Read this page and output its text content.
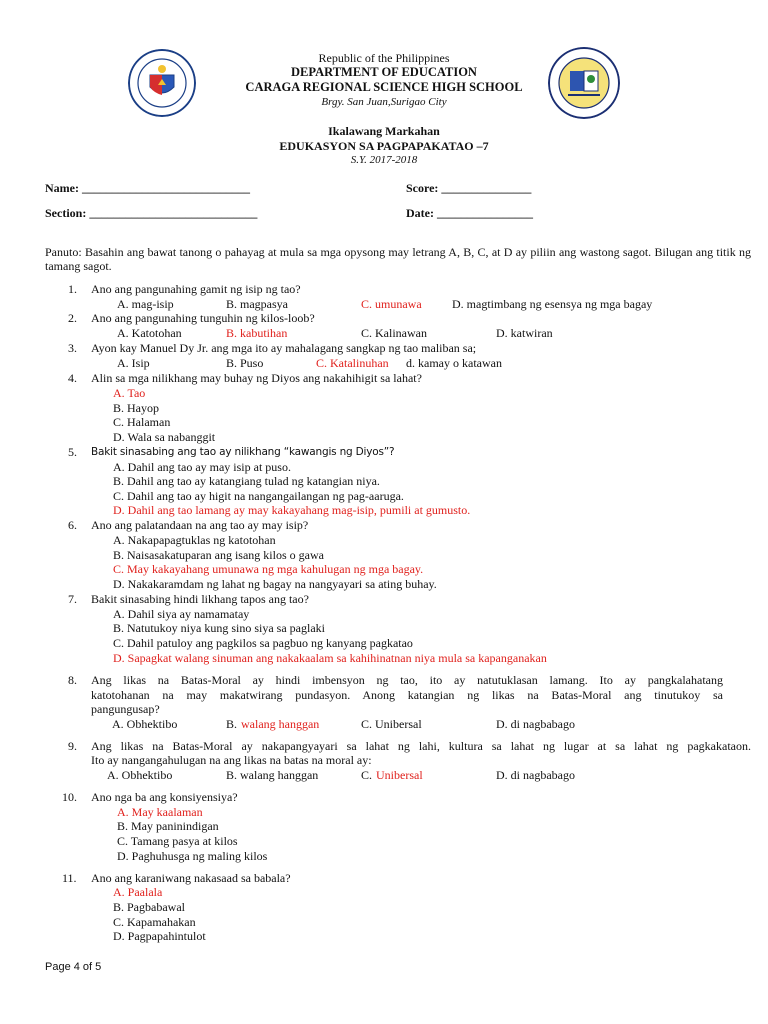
Republic of the Philippines
DEPARTMENT OF EDUCATION
CARAGA REGIONAL SCIENCE HIGH SCHOOL
Brgy. San Juan,Surigao City
Ikalawang Markahan
EDUKASYON SA PAGPAPAKATAO –7
S.Y. 2017-2018
Name: ____________________________	Score: _______________
Section: ____________________________	Date: ________________
Panuto: Basahin ang bawat tanong o pahayag at mula sa mga opysong may letrang A, B, C, at D ay piliin ang wastong sagot. Bilugan ang titik ng tamang sagot.
1. Ano ang pangunahing gamit ng isip ng tao?
A. mag-isip	B. magpasya	C. umunawa	D. magtimbang ng esensya ng mga bagay
2. Ano ang pangunahing tunguhin ng kilos-loob?
A. Katotohan	B. kabutihan	C. Kalinawan	D. katwiran
3. Ayon kay Manuel Dy Jr. ang mga ito ay mahalagang sangkap ng tao maliban sa;
A. Isip	B. Puso	C. Katalinuhan d. kamay o katawan
4. Alin sa mga nilikhang may buhay ng Diyos ang nakahihigit sa lahat?
A. Tao
B. Hayop
C. Halaman
D. Wala sa nabanggit
5. Bakit sinasabing ang tao ay nilikhang “kawangis ng Diyos”?
A. Dahil ang tao ay may isip at puso.
B. Dahil ang tao ay katangiang tulad ng katangian niya.
C. Dahil ang tao ay higit na nangangailangan ng pag-aaruga.
D. Dahil ang tao lamang ay may kakayahang mag-isip, pumili at gumusto.
6. Ano ang palatandaan na ang tao ay may isip?
A. Nakapapagtuklas ng katotohan
B. Naisasakatuparan ang isang kilos o gawa
C. May kakayahang umunawa ng mga kahulugan ng mga bagay.
D. Nakakaramdam ng lahat ng bagay na nangyayari sa ating buhay.
7. Bakit sinasabing hindi likhang tapos ang tao?
A. Dahil siya ay namamatay
B. Natutukoy niya kung sino siya sa paglaki
C. Dahil patuloy ang pagkilos sa pagbuo ng kanyang pagkatao
D. Sapagkat walang sinuman ang nakakaalam sa kahihinatnan niya mula sa kapanganakan
8. Ang likas na Batas-Moral ay hindi imbensyon ng tao, ito ay natutuklasan lamang. Ito ay pangkalahatang
katotohanan na may makatwirang pundasyon. Anong katangian ng likas na Batas-Moral ang tinutukoy sa
pangungusap?
A. Obhektibo	B. walang hanggan	C. Unibersal	D. di nagbabago
9. Ang likas na Batas-Moral ay nakapangyayari sa lahat ng lahi, kultura sa lahat ng lugar at sa lahat ng pagkakataon.
Ito ay nangangahulugan na ang likas na batas na moral ay:
A. Obhektibo	B. walang hanggan	C. Unibersal	D. di nagbabago
10. Ano nga ba ang konsiyensiya?
A. May kaalaman
B. May paninindigan
C. Tamang pasya at kilos
D. Paghuhusga ng maling kilos
11. Ano ang karaniwang nakasaad sa babala?
A. Paalala
B. Pagbabawal
C. Kapamahakan
D. Pagpapahintulot
Page 4 of 5
